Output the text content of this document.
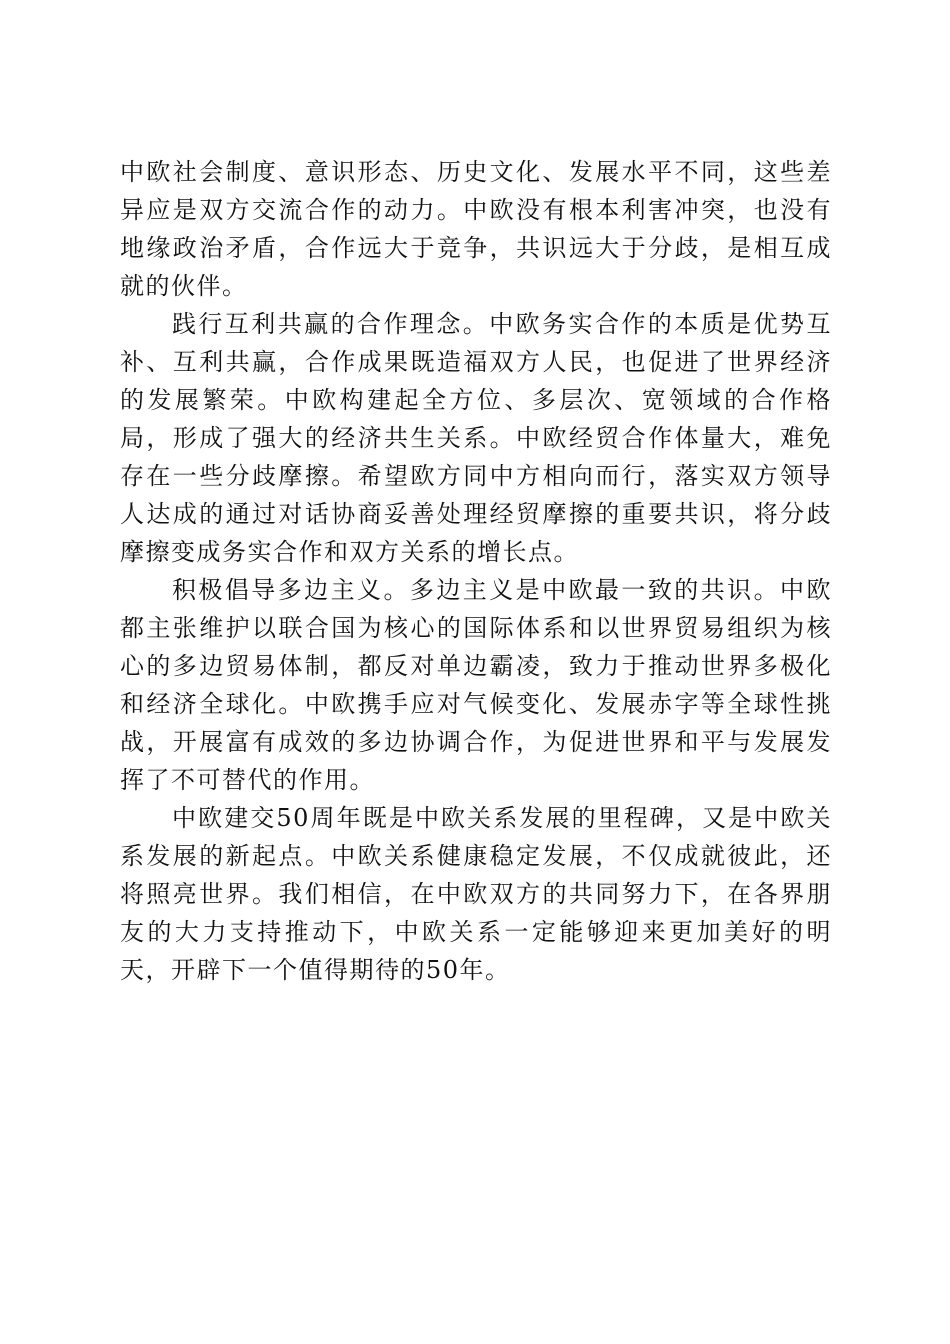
中欧社会制度、意识形态、历史文化、发展水平不同，这些差异应是双方交流合作的动力。中欧没有根本利害冲突，也没有地缘政治矛盾，合作远大于竞争，共识远大于分歧，是相互成就的伙伴。

践行互利共赢的合作理念。中欧务实合作的本质是优势互补、互利共赢，合作成果既造福双方人民，也促进了世界经济的发展繁荣。中欧构建起全方位、多层次、宽领域的合作格局，形成了强大的经济共生关系。中欧经贸合作体量大，难免存在一些分歧摩擦。希望欧方同中方相向而行，落实双方领导人达成的通过对话协商妥善处理经贸摩擦的重要共识，将分歧摩擦变成务实合作和双方关系的增长点。

积极倡导多边主义。多边主义是中欧最一致的共识。中欧都主张维护以联合国为核心的国际体系和以世界贸易组织为核心的多边贸易体制，都反对单边霸凌，致力于推动世界多极化和经济全球化。中欧携手应对气候变化、发展赤字等全球性挑战，开展富有成效的多边协调合作，为促进世界和平与发展发挥了不可替代的作用。

中欧建交50周年既是中欧关系发展的里程碑，又是中欧关系发展的新起点。中欧关系健康稳定发展，不仅成就彼此，还将照亮世界。我们相信，在中欧双方的共同努力下，在各界朋友的大力支持推动下，中欧关系一定能够迎来更加美好的明天，开辟下一个值得期待的50年。
